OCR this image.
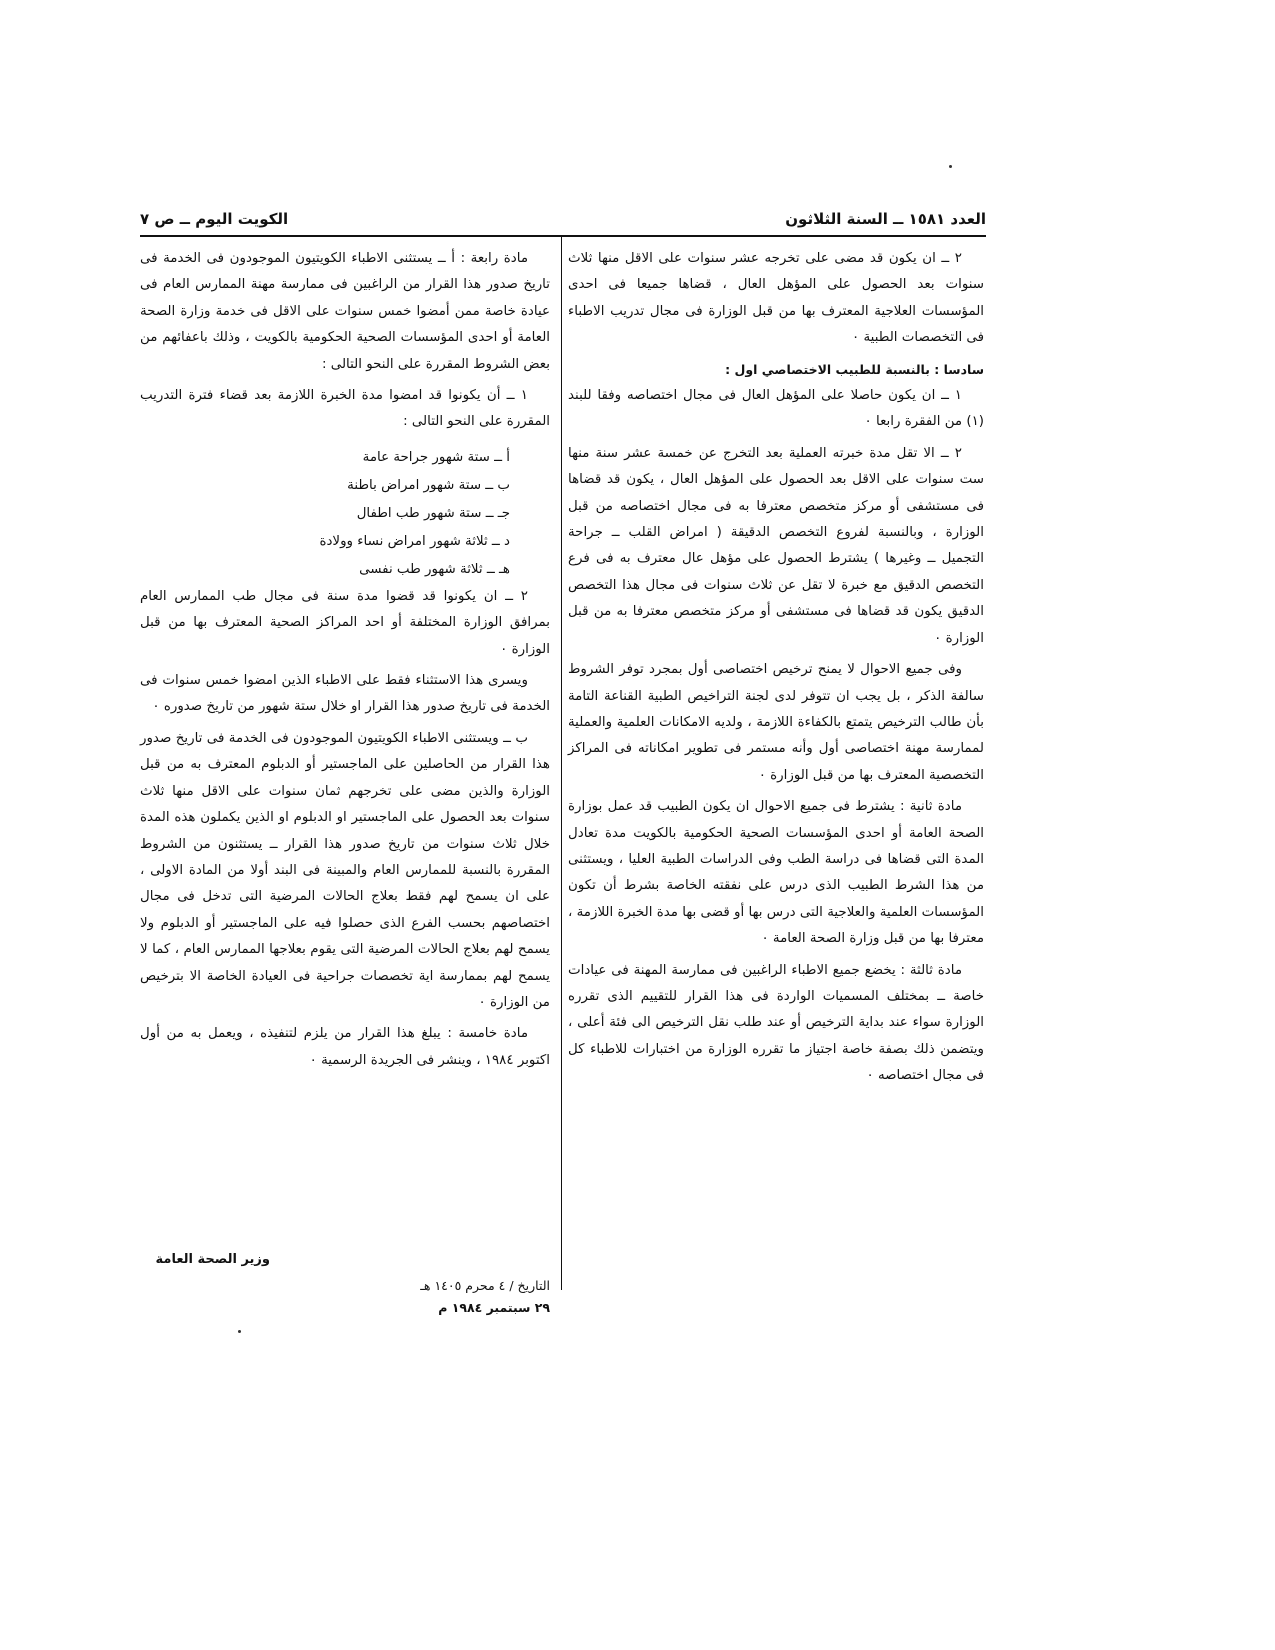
العدد ١٥٨١ ــ السنة الثلاثون
الكويت اليوم ــ ص ٧

٢ ــ ان يكون قد مضى على تخرجه عشر سنوات على الاقل منها ثلاث سنوات بعد الحصول على المؤهل العال ، قضاها جميعا فى احدى المؤسسات العلاجية المعترف بها من قبل الوزارة فى مجال تدريب الاطباء فى التخصصات الطبية ٠

سادسا : بالنسبة للطبيب الاختصاصي اول :

١ ــ ان يكون حاصلا على المؤهل العال فى مجال اختصاصه وفقا للبند (١) من الفقرة رابعا ٠

٢ ــ الا تقل مدة خبرته العملية بعد التخرج عن خمسة عشر سنة منها ست سنوات على الاقل بعد الحصول على المؤهل العال ، يكون قد قضاها فى مستشفى أو مركز متخصص معترفا به فى مجال اختصاصه من قبل الوزارة ، وبالنسبة لفروع التخصص الدقيقة ( امراض القلب ــ جراحة التجميل ــ وغيرها ) يشترط الحصول على مؤهل عال معترف به فى فرع التخصص الدقيق مع خبرة لا تقل عن ثلاث سنوات فى مجال هذا التخصص الدقيق يكون قد قضاها فى مستشفى أو مركز متخصص معترفا به من قبل الوزارة ٠

وفى جميع الاحوال لا يمنح ترخيص اختصاصى أول بمجرد توفر الشروط سالفة الذكر ، بل يجب ان تتوفر لدى لجنة التراخيص الطبية القناعة التامة بأن طالب الترخيص يتمتع بالكفاءة اللازمة ، ولديه الامكانات العلمية والعملية لممارسة مهنة اختصاصى أول وأنه مستمر فى تطوير امكاناته فى المراكز التخصصية المعترف بها من قبل الوزارة ٠

مادة ثانية : يشترط فى جميع الاحوال ان يكون الطبيب قد عمل بوزارة الصحة العامة أو احدى المؤسسات الصحية الحكومية بالكويت مدة تعادل المدة التى قضاها فى دراسة الطب وفى الدراسات الطبية العليا ، ويستثنى من هذا الشرط الطبيب الذى درس على نفقته الخاصة بشرط أن تكون المؤسسات العلمية والعلاجية التى درس بها أو قضى بها مدة الخبرة اللازمة ، معترفا بها من قبل وزارة الصحة العامة ٠

مادة ثالثة : يخضع جميع الاطباء الراغبين فى ممارسة المهنة فى عيادات خاصة ــ بمختلف المسميات الواردة فى هذا القرار للتقييم الذى تقرره الوزارة سواء عند بداية الترخيص أو عند طلب نقل الترخيص الى فئة أعلى ، ويتضمن ذلك بصفة خاصة اجتياز ما تقرره الوزارة من اختبارات للاطباء كل فى مجال اختصاصه ٠

مادة رابعة : أ ــ يستثنى الاطباء الكويتيون الموجودون فى الخدمة فى تاريخ صدور هذا القرار من الراغبين فى ممارسة مهنة الممارس العام فى عيادة خاصة ممن أمضوا خمس سنوات على الاقل فى خدمة وزارة الصحة العامة أو احدى المؤسسات الصحية الحكومية بالكويت ، وذلك باعفائهم من بعض الشروط المقررة على النحو التالى :

١ ــ أن يكونوا قد امضوا مدة الخبرة اللازمة بعد قضاء فترة التدريب المقررة على النحو التالى :

أ ــ ستة شهور جراحة عامة
ب ــ ستة شهور امراض باطنة
جـ ــ ستة شهور طب اطفال
د ــ ثلاثة شهور امراض نساء وولادة
هـ ــ ثلاثة شهور طب نفسى

٢ ــ ان يكونوا قد قضوا مدة سنة فى مجال طب الممارس العام بمرافق الوزارة المختلفة أو احد المراكز الصحية المعترف بها من قبل الوزارة ٠

ويسرى هذا الاستثناء فقط على الاطباء الذين امضوا خمس سنوات فى الخدمة فى تاريخ صدور هذا القرار او خلال ستة شهور من تاريخ صدوره ٠

ب ــ ويستثنى الاطباء الكويتيون الموجودون فى الخدمة فى تاريخ صدور هذا القرار من الحاصلين على الماجستير أو الدبلوم المعترف به من قبل الوزارة والذين مضى على تخرجهم ثمان سنوات على الاقل منها ثلاث سنوات بعد الحصول على الماجستير او الدبلوم او الذين يكملون هذه المدة خلال ثلاث سنوات من تاريخ صدور هذا القرار ــ يستثنون من الشروط المقررة بالنسبة للممارس العام والمبينة فى البند أولا من المادة الاولى ، على ان يسمح لهم فقط بعلاج الحالات المرضية التى تدخل فى مجال اختصاصهم بحسب الفرع الذى حصلوا فيه على الماجستير أو الدبلوم ولا يسمح لهم بعلاج الحالات المرضية التى يقوم بعلاجها الممارس العام ، كما لا يسمح لهم بممارسة اية تخصصات جراحية فى العيادة الخاصة الا بترخيص من الوزارة ٠

مادة خامسة : يبلغ هذا القرار من يلزم لتنفيذه ، ويعمل به من أول اكتوبر ١٩٨٤ ، وينشر فى الجريدة الرسمية ٠

وزير الصحة العامة
التاريخ / ٤ محرم ١٤٠٥ هـ
٢٩ سبتمبر ١٩٨٤ م
